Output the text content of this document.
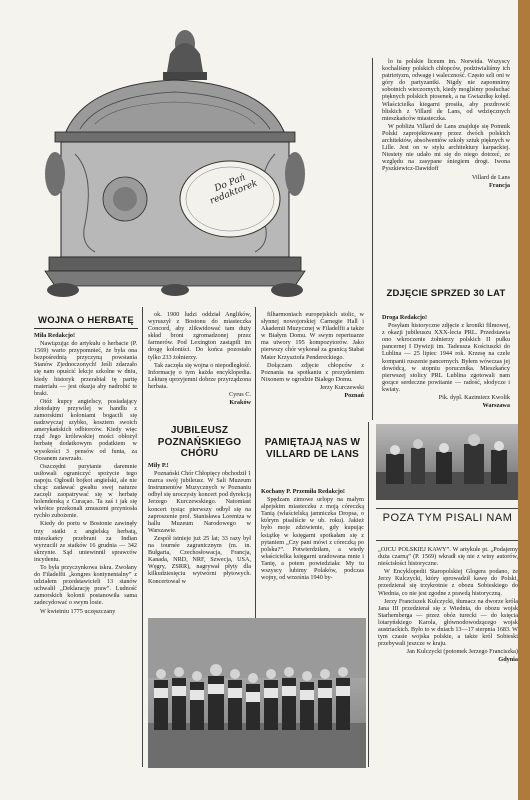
Do Pań redaktorek

lo tu polskie liceum im. Norwida. Wszyscy kochaliśmy polskich chłopców, podziwialiśmy ich patriotyzm, odwagę i waleczność. Często szli oni w góry do partyzantki. Nigdy nie zapomnimy sobotnich wieczornych, kiedy mogliśmy posłuchać pięknych polskich piosenek, a na Gwiazdkę kolęd. Właścicielka kiegarni prosiła, aby pozdrowić bliskich z Villard de Lans, od wdzięcznych mieszkańców miasteczka.

W pobliżu Villard de Lans znajduje się Pomnik Polski zaprojektowany przez dwóch polskich architektów, absolwentów szkoły sztuk pięknych w Lille. Jest on w stylu architektury karpackiej. Niestety nie udało mi się do niego dotrzeć, ze względu na zasypane śniegiem drogi. Iwona Pyszkiewicz-Dawidoff

Villard de Lans

Francja

ZDJĘCIE SPRZED 30 LAT

Droga Redakcjo!

Posyłam historyczne zdjęcie z kroniki filmowej, z okazji jubileuszu XXX-lecia PRL. Przedstawia ono wkroczenie żołnierzy polskich II pułku pancernej I Dywizji im. Tadeusza Kościuszki do Lublina — 25 lipiec 1944 rok. Krzesę na czele kompanii ruszenie pancernych. Byłem wówczas jej dowódcą, w stopniu porucznika. Mieszkańcy pierwszej stolicy PRL Lublina zgotowali nam gorące serdeczne powitanie — radość, słodycze i kwiaty.

Pik. dypl. Kazimierz Kwolik

Warszawa

WOJNA O HERBATĘ

Miła Redakcjo!

Nawiązując do artykułu o herbacie (P. 1569) warto przypomnieć, że była ona bezpośrednią przyczyną powstania Stanów Zjednoczonych! Jeśli zdarzało się nam opuścić lekcje szkolne w dniu, kiedy historyk przerabiał tę partię materiału — jest okazja aby nadrobić te braki.

Otóż kupcy angielscy, posiadający złotodajny przywilej w handlu z zamorskimi koloniami bogacili się nadzwyczaj szybko, kosztem swoich amerykańskich odbiorców. Kiedy więc rząd Jego królewskiej mości obłożył herbatę dodatkowym podatkiem w wysokości 3 pensów od funta, za Oceanem zawrzało.

Oszczędni purytanie daremnie usiłowali ograniczyć spożycie tego napoju. Ogłosili bojkot angielski, ale nie chcąc zadawać gwałtu swej naturze zaczęli zaopatrywać się w herbatę holenderską z Curaçao. Ta zaś i jak się wkrótce przekonali zmuszeni przyniosła rychło zubożenie.

Kiedy do portu w Bostonie zawinęły trzy statki z angielską herbatą, mieszkańcy przebrani za Indian wyrzucili ze statków 16 grudnia — 342 skrzynie. Sąd uniewinnił sprawców incydentu.

To była przyczynkowa iskra. Zwołany do Filadelfii „kongres kontynentalny” z udziałem przedstawicieli 13 stanów uchwalił „Deklarację praw”. Ludność zamorskich kolonii postanowiła sama zadecydować o swym losie.

W kwietniu 1775 uczęszczany

ok. 1900 ludzi oddział Anglików, wyruszył z Bostonu do miasteczka Concord, aby zlikwidować tam duży skład broni zgromadzonej przez farmerów. Pod Lexington zastąpili im drogę koloniści. Do końca pozostało tylko 233 żołnierzy.

Tak zaczęła się wojna o niepodległość. Informację o tym każda encyklopedia. Lekturę uprzyjemni dobrze przyrządzona herbata.

Cyrus C.

Kraków

JUBILEUSZ POZNAŃSKIEGO CHÓRU

Mily P.!

Poznański Chór Chłopięcy obchodził 1 marca swój jubileusz. W Sali Muzeum Instrumentów Muzycznych w Poznaniu odbył się uroczysty koncert pod dyrekcją Jerzego Kurczewskiego. Natomiast koncert tysiąc pierwszy odbył się na zaproszenie prof. Stanisława Lorentza w hallu Muzeum Narodowego w Warszawie.

Zespół istnieje już 25 lat; 33 razy był na tournée zagranicznym (m. in. Bułgaria, Czechosłowacja, Francja, Kanada, NRD, NRF, Szwecja, USA, Węgry, ZSRR), nagrywał płyty dla kilkudziesięciu wytwórni płytowych. Koncertował w

filharmoniach europejskich stolic, w słynnej nowojorskiej Carnegie Hall i Akademii Muzycznej w Filadelfii a także w Białym Domu. W swym repertuarze ma utwory 195 kompozytorów. Jako pierwszy chór wykonał za granicą Stabat Mater Krzysztofa Pendereckiego.

Dołączam zdjęcie chłopców z Poznania na spotkaniu z prezydentem Nixonem w ogrodzie Białego Domu.

Jerzy Kurczewski

Poznań

PAMIĘTAJĄ NAS W VILLARD DE LANS

Kochany P. Przemiła Redakcjo!

Spędzam zimowe urlopy na małym alpejskim miasteczku z moją córeczką Tanią (właścielską jamniczka Dropsa, o którym pisaliście w ub. roku). Jakież było moje zdziwienie, gdy kupując książkę w księgarni spotkałam się z pytaniem „Czy pani mówi z córeczką po polsku?”. Potwierdziłam, a wtedy właścicielka księgarni uradowana mnie i Tanię, a potem powiedziała: My tu wszyscy lubimy Polaków, podczas wojny, od września 1940 by-

POZA TYM PISALI NAM

„OJCU POLSKIEJ KAWY”. W artykule pt. „Podajemy duża czarną” (P. 1569) wkradł się nie z winy autorów, nieścisłości historyczne.

W Encyklopedii Staropolskiej Glogera podano, że Jerzy Kulczycki, który sprowadził kawę do Polski, przedzierał się trzykrotnie z obozu Sobieskiego do Wiednia, co nie jest zgodne z prawdą historyczną.

Jerzy Franciszek Kulczycki, tłumacz na dworze króla Jana III przedzierał się z Wiednia, do obozu wojsk Starhemberga — przez obóz turecki — do księcia lotaryńskiego Karola, głównodowodzącego wojsk austriackich. Było to w dniach 13—17 sierpnia 1683. W tym czasie wojska polskie, a także król Sobieski przebywali jeszcze w kraju.

Jan Kulczycki (potomek Jerzego Franciszka)

Gdynia
